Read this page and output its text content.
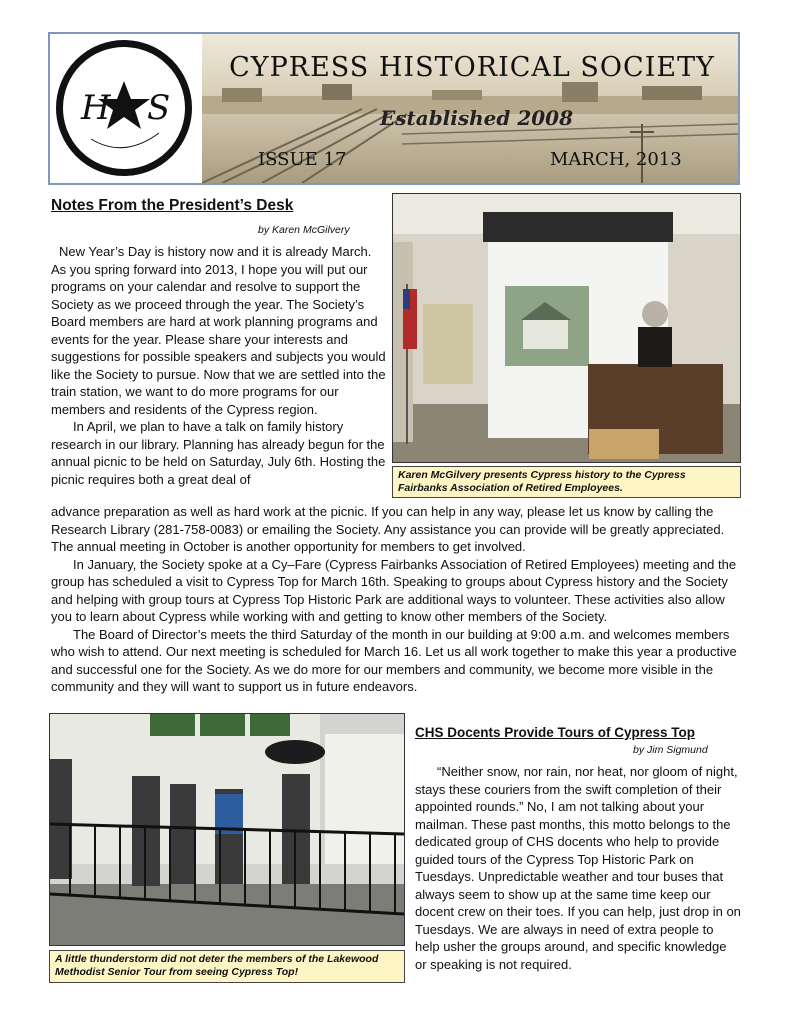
H S
CYPRESS HISTORICAL SOCIETY
Established 2008
ISSUE 17	MARCH, 2013
Notes From the President’s Desk
by Karen McGilvery

New Year’s Day is history now and it is already March. As you spring forward into 2013, I hope you will put our programs on your calendar and resolve to support the Society as we proceed through the year. The Society’s Board members are hard at work planning programs and events for the year. Please share your interests and suggestions for possible speakers and subjects you would like the Society to pursue. Now that we are settled into the train station, we want to do more programs for our members and residents of the Cypress region.

In April, we plan to have a talk on family history research in our library. Planning has already begun for the annual picnic to be held on Saturday, July 6th. Hosting the picnic requires both a great deal of	Karen McGilvery presents Cypress history to the Cypress Fairbanks Association of Retired Employees.

advance preparation as well as hard work at the picnic. If you can help in any way, please let us know by calling the Research Library (281-758-0083) or emailing the Society. Any assistance you can provide will be greatly appreciated. The annual meeting in October is another opportunity for members to get involved.

In January, the Society spoke at a Cy–Fare (Cypress Fairbanks Association of Retired Employees) meeting and the group has scheduled a visit to Cypress Top for March 16th. Speaking to groups about Cypress history and the Society and helping with group tours at Cypress Top Historic Park are additional ways to volunteer. These activities also allow you to learn about Cypress while working with and getting to know other members of the Society.

The Board of Director’s meets the third Saturday of the month in our building at 9:00 a.m. and welcomes members who wish to attend. Our next meeting is scheduled for March 16. Let us all work together to make this year a productive and successful one for the Society. As we do more for our members and community, we become more visible in the community and they will want to support us in future endeavors.

A little thunderstorm did not deter the members of the Lakewood Methodist Senior Tour from seeing Cypress Top!
CHS Docents Provide Tours of Cypress Top
by Jim Sigmund

“Neither snow, nor rain, nor heat, nor gloom of night, stays these couriers from the swift completion of their appointed rounds.” No, I am not talking about your mailman. These past months, this motto belongs to the dedicated group of CHS docents who help to provide guided tours of the Cypress Top Historic Park on Tuesdays. Unpredictable weather and tour buses that always seem to show up at the same time keep our docent crew on their toes. If you can help, just drop in on Tuesdays. We are always in need of extra people to help usher the groups around, and specific knowledge or speaking is not required.
